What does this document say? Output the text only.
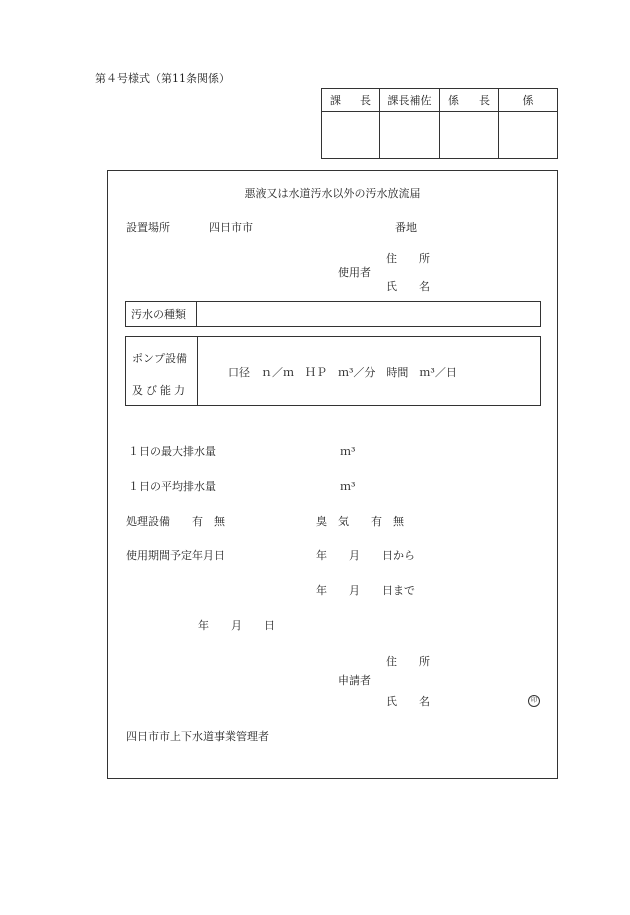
第４号様式（第11条関係）
課 長	課長補佐	係 長	係

悪液又は水道汚水以外の汚水放流届
設置場所	四日市市	番地
住　　所
使用者
氏　　名
汚水の種類
ポンプ設備
及び能力
口径　ｎ／ｍ　ＨＰ　ｍ³／分　時間　ｍ³／日
１日の最大排水量	ｍ³
１日の平均排水量	ｍ³
処理設備　　有　無	臭　気　　有　無
使用期間予定年月日	年　　月　　日から
年　　月　　日まで
年　　月　　日
住　　所
申請者
氏　　名	印
四日市市上下水道事業管理者
